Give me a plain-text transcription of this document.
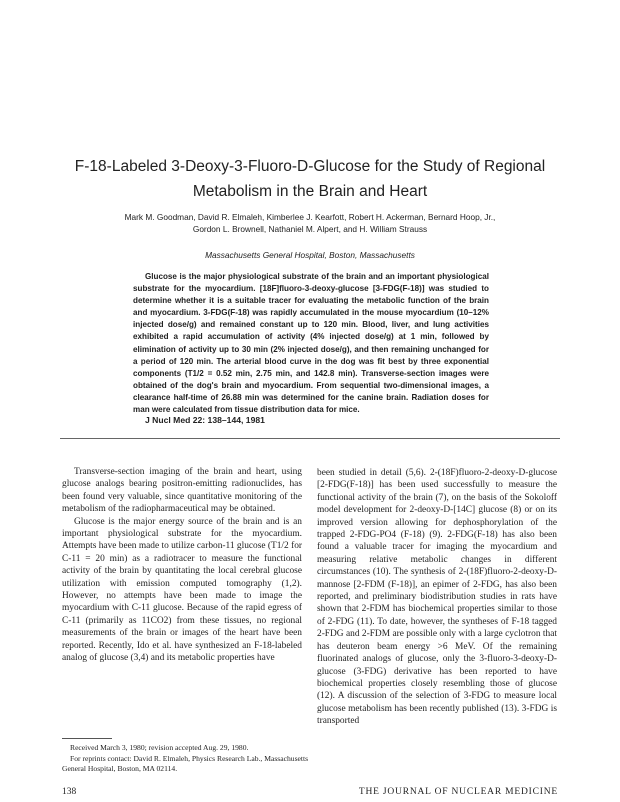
F-18-Labeled 3-Deoxy-3-Fluoro-D-Glucose for the Study of Regional
Metabolism in the Brain and Heart
Mark M. Goodman, David R. Elmaleh, Kimberlee J. Kearfott, Robert H. Ackerman, Bernard Hoop, Jr.,
Gordon L. Brownell, Nathaniel M. Alpert, and H. William Strauss
Massachusetts General Hospital, Boston, Massachusetts

Glucose is the major physiological substrate of the brain and an important physiological substrate for the myocardium. [18F]fluoro-3-deoxy-glucose [3-FDG(F-18)] was studied to determine whether it is a suitable tracer for evaluating the metabolic function of the brain and myocardium. 3-FDG(F-18) was rapidly accumulated in the mouse myocardium (10–12% injected dose/g) and remained constant up to 120 min. Blood, liver, and lung activities exhibited a rapid accumulation of activity (4% injected dose/g) at 1 min, followed by elimination of activity up to 30 min (2% injected dose/g), and then remaining unchanged for a period of 120 min. The arterial blood curve in the dog was fit best by three exponential components (T1/2 = 0.52 min, 2.75 min, and 142.8 min). Transverse-section images were obtained of the dog's brain and myocardium. From sequential two-dimensional images, a clearance half-time of 26.88 min was determined for the canine brain. Radiation doses for man were calculated from tissue distribution data for mice.

J Nucl Med 22: 138–144, 1981

Transverse-section imaging of the brain and heart, using glucose analogs bearing positron-emitting radionuclides, has been found very valuable, since quantitative monitoring of the metabolism of the radiopharmaceutical may be obtained.

Glucose is the major energy source of the brain and is an important physiological substrate for the myocardium. Attempts have been made to utilize carbon-11 glucose (T1/2 for C-11 = 20 min) as a radiotracer to measure the functional activity of the brain by quantitating the local cerebral glucose utilization with emission computed tomography (1,2). However, no attempts have been made to image the myocardium with C-11 glucose. Because of the rapid egress of C-11 (primarily as 11CO2) from these tissues, no regional measurements of the brain or images of the heart have been reported. Recently, Ido et al. have synthesized an F-18-labeled analog of glucose (3,4) and its metabolic properties have

been studied in detail (5,6). 2-(18F)fluoro-2-deoxy-D-glucose [2-FDG(F-18)] has been used successfully to measure the functional activity of the brain (7), on the basis of the Sokoloff model development for 2-deoxy-D-[14C] glucose (8) or on its improved version allowing for dephosphorylation of the trapped 2-FDG-PO4 (F-18) (9). 2-FDG(F-18) has also been found a valuable tracer for imaging the myocardium and measuring relative metabolic changes in different circumstances (10). The synthesis of 2-(18F)fluoro-2-deoxy-D-mannose [2-FDM (F-18)], an epimer of 2-FDG, has also been reported, and preliminary biodistribution studies in rats have shown that 2-FDM has biochemical properties similar to those of 2-FDG (11). To date, however, the syntheses of F-18 tagged 2-FDG and 2-FDM are possible only with a large cyclotron that has deuteron beam energy >6 MeV. Of the remaining fluorinated analogs of glucose, only the 3-fluoro-3-deoxy-D-glucose (3-FDG) derivative has been reported to have biochemical properties closely resembling those of glucose (12). A discussion of the selection of 3-FDG to measure local glucose metabolism has been recently published (13). 3-FDG is transported

Received March 3, 1980; revision accepted Aug. 29, 1980.
For reprints contact: David R. Elmaleh, Physics Research Lab., Massachusetts General Hospital, Boston, MA 02114.
138	THE JOURNAL OF NUCLEAR MEDICINE
